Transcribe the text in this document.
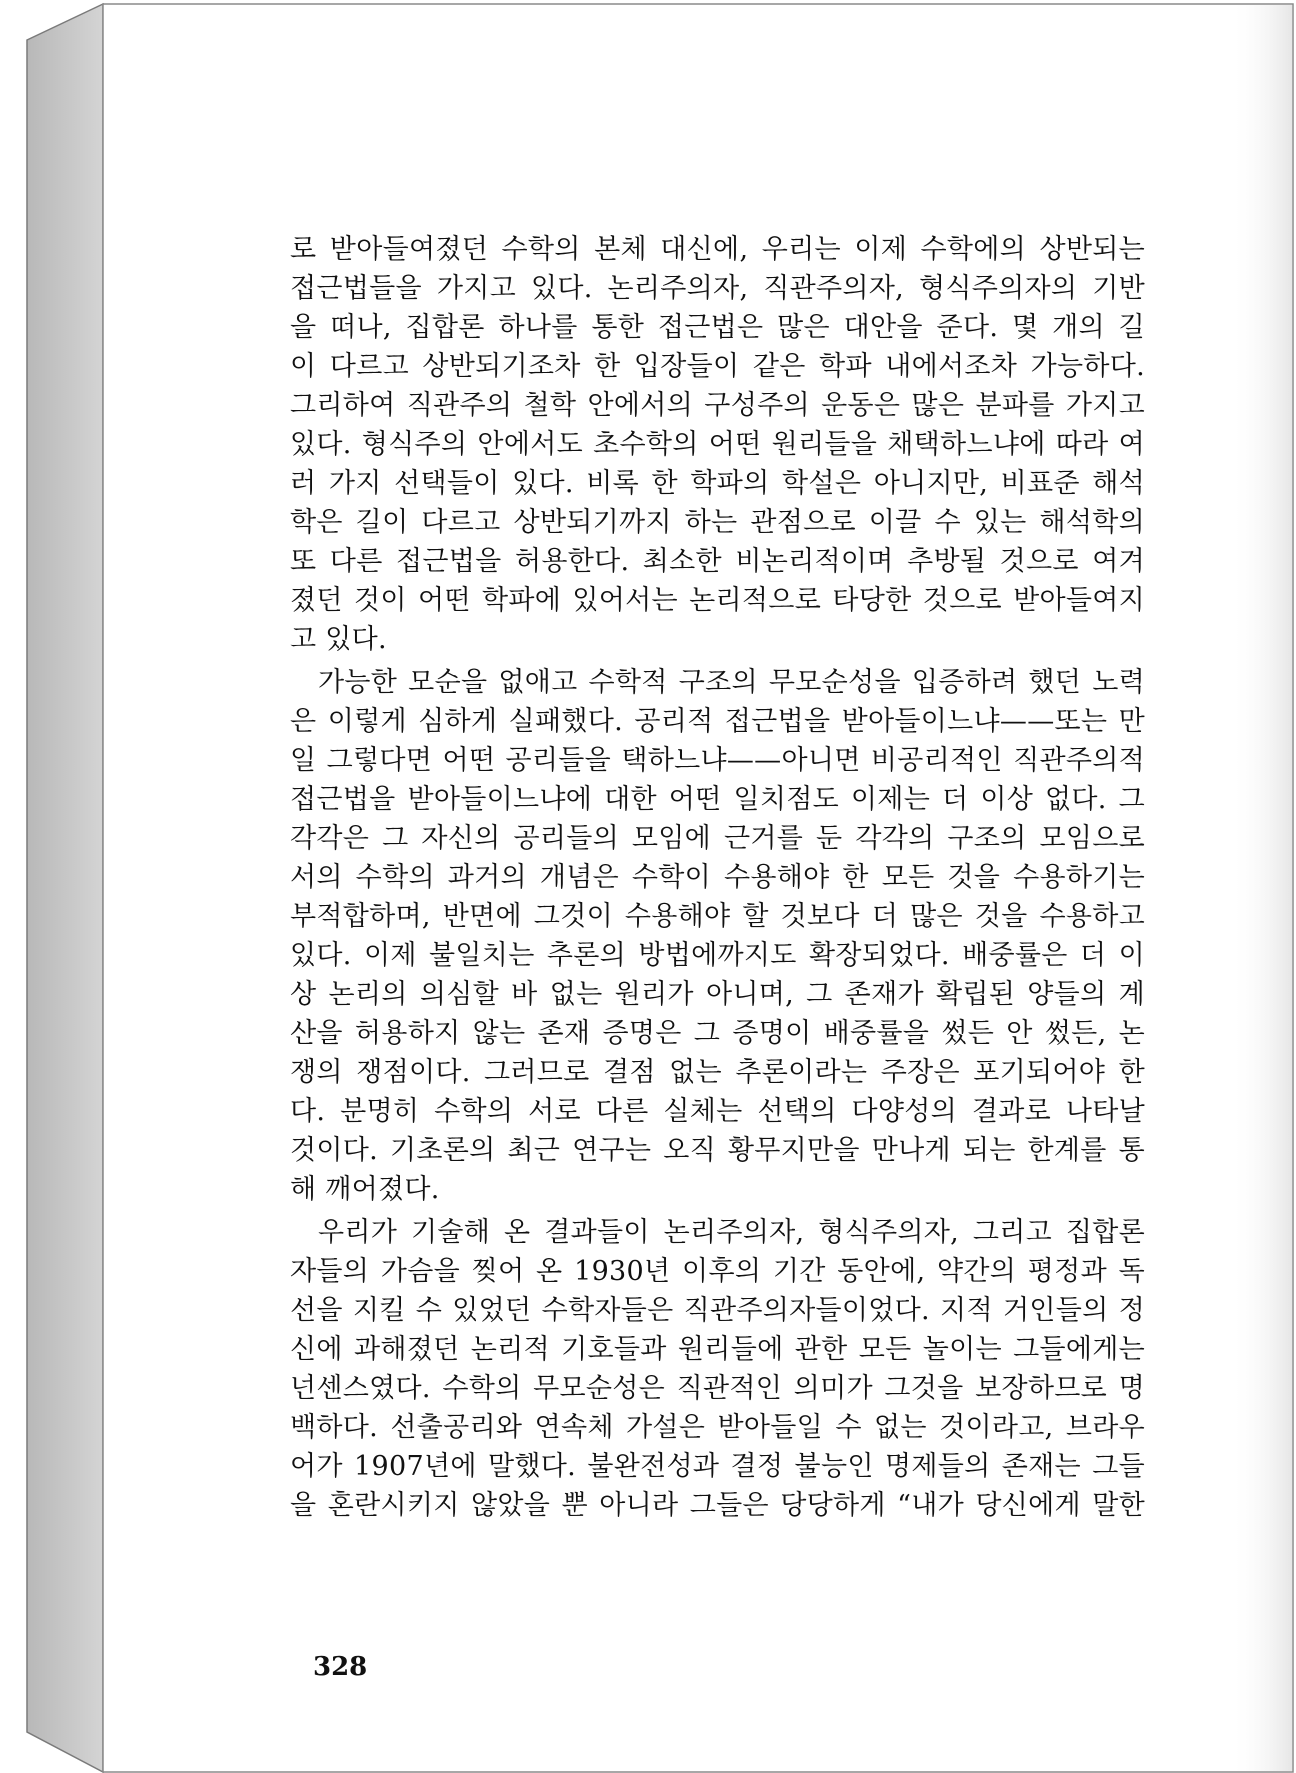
로 받아들여졌던 수학의 본체 대신에, 우리는 이제 수학에의 상반되는
접근법들을 가지고 있다. 논리주의자, 직관주의자, 형식주의자의 기반
을 떠나, 집합론 하나를 통한 접근법은 많은 대안을 준다. 몇 개의 길
이 다르고 상반되기조차 한 입장들이 같은 학파 내에서조차 가능하다.
그리하여 직관주의 철학 안에서의 구성주의 운동은 많은 분파를 가지고
있다. 형식주의 안에서도 초수학의 어떤 원리들을 채택하느냐에 따라 여
러 가지 선택들이 있다. 비록 한 학파의 학설은 아니지만, 비표준 해석
학은 길이 다르고 상반되기까지 하는 관점으로 이끌 수 있는 해석학의
또 다른 접근법을 허용한다. 최소한 비논리적이며 추방될 것으로 여겨
졌던 것이 어떤 학파에 있어서는 논리적으로 타당한 것으로 받아들여지
고 있다.
가능한 모순을 없애고 수학적 구조의 무모순성을 입증하려 했던 노력
은 이렇게 심하게 실패했다. 공리적 접근법을 받아들이느냐——또는 만
일 그렇다면 어떤 공리들을 택하느냐——아니면 비공리적인 직관주의적
접근법을 받아들이느냐에 대한 어떤 일치점도 이제는 더 이상 없다. 그
각각은 그 자신의 공리들의 모임에 근거를 둔 각각의 구조의 모임으로
서의 수학의 과거의 개념은 수학이 수용해야 한 모든 것을 수용하기는
부적합하며, 반면에 그것이 수용해야 할 것보다 더 많은 것을 수용하고
있다. 이제 불일치는 추론의 방법에까지도 확장되었다. 배중률은 더 이
상 논리의 의심할 바 없는 원리가 아니며, 그 존재가 확립된 양들의 계
산을 허용하지 않는 존재 증명은 그 증명이 배중률을 썼든 안 썼든, 논
쟁의 쟁점이다. 그러므로 결점 없는 추론이라는 주장은 포기되어야 한
다. 분명히 수학의 서로 다른 실체는 선택의 다양성의 결과로 나타날
것이다. 기초론의 최근 연구는 오직 황무지만을 만나게 되는 한계를 통
해 깨어졌다.
우리가 기술해 온 결과들이 논리주의자, 형식주의자, 그리고 집합론
자들의 가슴을 찢어 온 1930년 이후의 기간 동안에, 약간의 평정과 독
선을 지킬 수 있었던 수학자들은 직관주의자들이었다. 지적 거인들의 정
신에 과해졌던 논리적 기호들과 원리들에 관한 모든 놀이는 그들에게는
넌센스였다. 수학의 무모순성은 직관적인 의미가 그것을 보장하므로 명
백하다. 선출공리와 연속체 가설은 받아들일 수 없는 것이라고, 브라우
어가 1907년에 말했다. 불완전성과 결정 불능인 명제들의 존재는 그들
을 혼란시키지 않았을 뿐 아니라 그들은 당당하게 “내가 당신에게 말한
328
